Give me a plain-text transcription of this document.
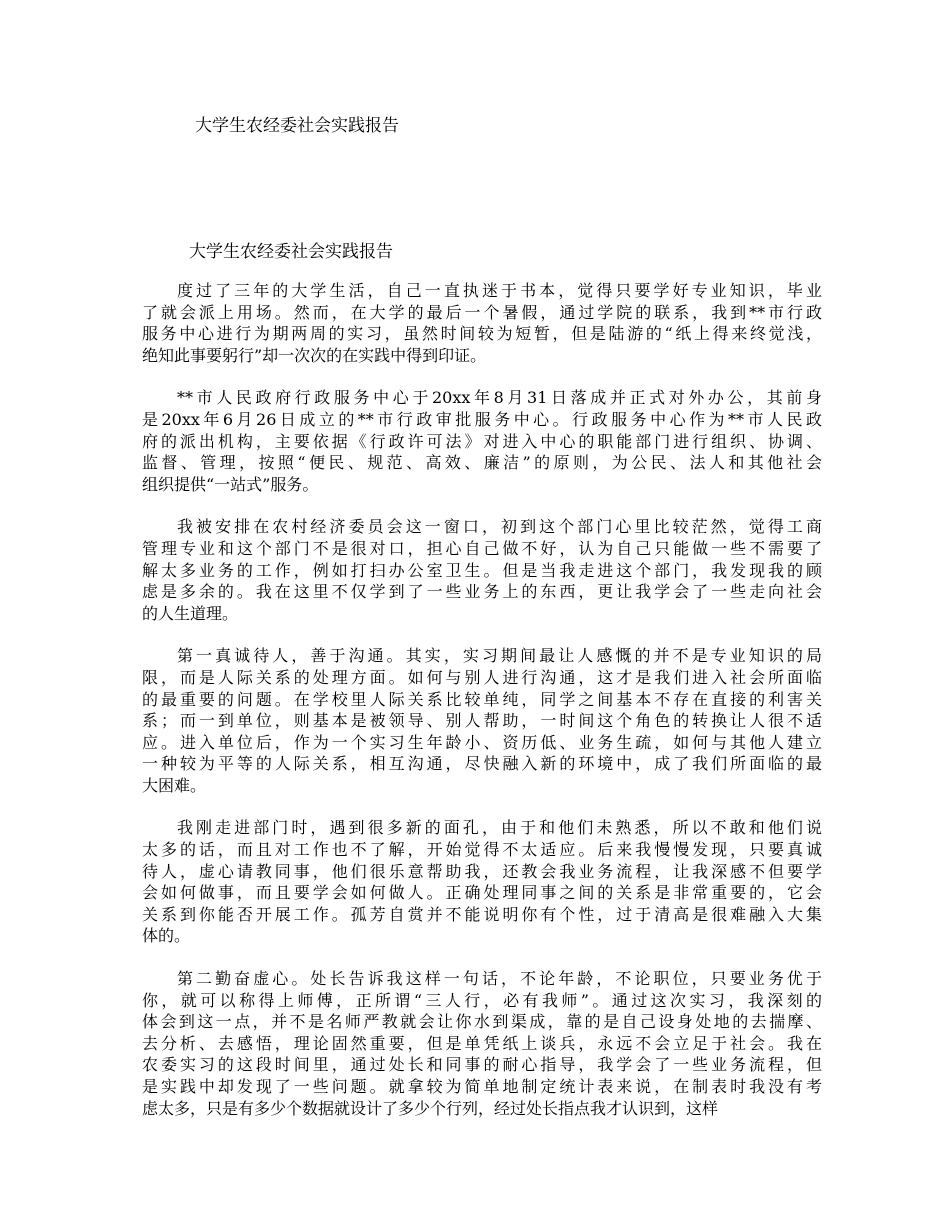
大学生农经委社会实践报告
大学生农经委社会实践报告
度过了三年的大学生活，自己一直执迷于书本，觉得只要学好专业知识，毕业
了就会派上用场。然而，在大学的最后一个暑假，通过学院的联系，我到**市行政
服务中心进行为期两周的实习，虽然时间较为短暂，但是陆游的“纸上得来终觉浅，
绝知此事要躬行”却一次次的在实践中得到印证。
**市人民政府行政服务中心于20xx年8月31日落成并正式对外办公，其前身
是20xx年6月26日成立的**市行政审批服务中心。行政服务中心作为**市人民政
府的派出机构，主要依据《行政许可法》对进入中心的职能部门进行组织、协调、
监督、管理，按照“便民、规范、高效、廉洁”的原则，为公民、法人和其他社会
组织提供“一站式”服务。
我被安排在农村经济委员会这一窗口，初到这个部门心里比较茫然，觉得工商
管理专业和这个部门不是很对口，担心自己做不好，认为自己只能做一些不需要了
解太多业务的工作，例如打扫办公室卫生。但是当我走进这个部门，我发现我的顾
虑是多余的。我在这里不仅学到了一些业务上的东西，更让我学会了一些走向社会
的人生道理。
第一真诚待人，善于沟通。其实，实习期间最让人感慨的并不是专业知识的局
限，而是人际关系的处理方面。如何与别人进行沟通，这才是我们进入社会所面临
的最重要的问题。在学校里人际关系比较单纯，同学之间基本不存在直接的利害关
系；而一到单位，则基本是被领导、别人帮助，一时间这个角色的转换让人很不适
应。进入单位后，作为一个实习生年龄小、资历低、业务生疏，如何与其他人建立
一种较为平等的人际关系，相互沟通，尽快融入新的环境中，成了我们所面临的最
大困难。
我刚走进部门时，遇到很多新的面孔，由于和他们未熟悉，所以不敢和他们说
太多的话，而且对工作也不了解，开始觉得不太适应。后来我慢慢发现，只要真诚
待人，虚心请教同事，他们很乐意帮助我，还教会我业务流程，让我深感不但要学
会如何做事，而且要学会如何做人。正确处理同事之间的关系是非常重要的，它会
关系到你能否开展工作。孤芳自赏并不能说明你有个性，过于清高是很难融入大集
体的。
第二勤奋虚心。处长告诉我这样一句话，不论年龄，不论职位，只要业务优于
你，就可以称得上师傅，正所谓“三人行，必有我师”。通过这次实习，我深刻的
体会到这一点，并不是名师严教就会让你水到渠成，靠的是自己设身处地的去揣摩、
去分析、去感悟，理论固然重要，但是单凭纸上谈兵，永远不会立足于社会。我在
农委实习的这段时间里，通过处长和同事的耐心指导，我学会了一些业务流程，但
是实践中却发现了一些问题。就拿较为简单地制定统计表来说，在制表时我没有考
虑太多，只是有多少个数据就设计了多少个行列，经过处长指点我才认识到，这样
